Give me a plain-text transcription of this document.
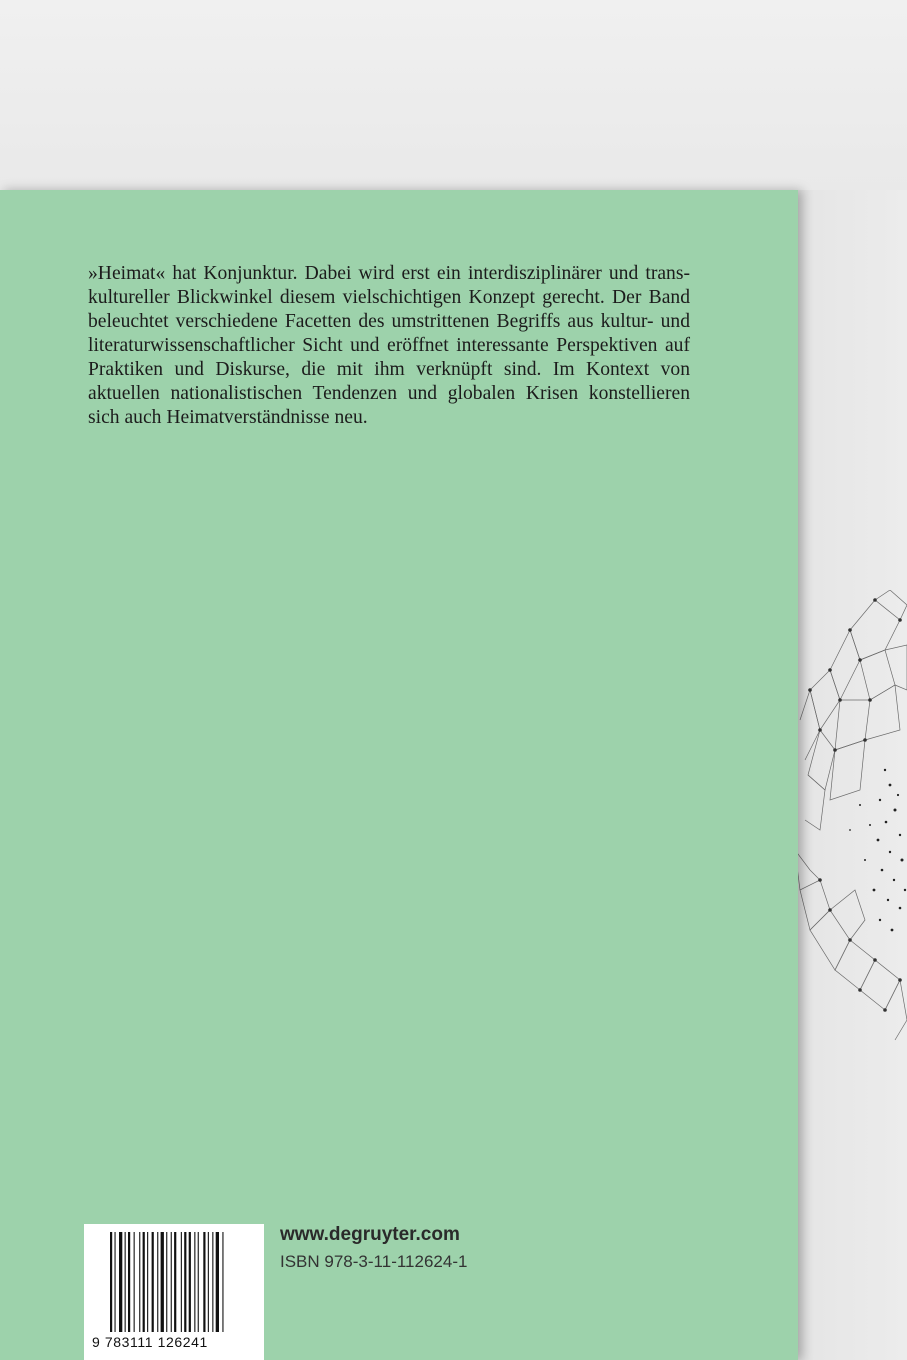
»Heimat« hat Konjunktur. Dabei wird erst ein interdisziplinärer und transkultureller Blickwinkel diesem vielschichtigen Konzept gerecht. Der Band beleuchtet verschiedene Facetten des umstrittenen Begriffs aus kultur- und literaturwissenschaftlicher Sicht und eröffnet interessante Perspektiven auf Praktiken und Diskurse, die mit ihm verknüpft sind. Im Kontext von aktuellen nationalistischen Tendenzen und globalen Krisen konstellieren sich auch Heimatverständnisse neu.

9 783111 126241
www.degruyter.com
ISBN 978-3-11-112624-1
